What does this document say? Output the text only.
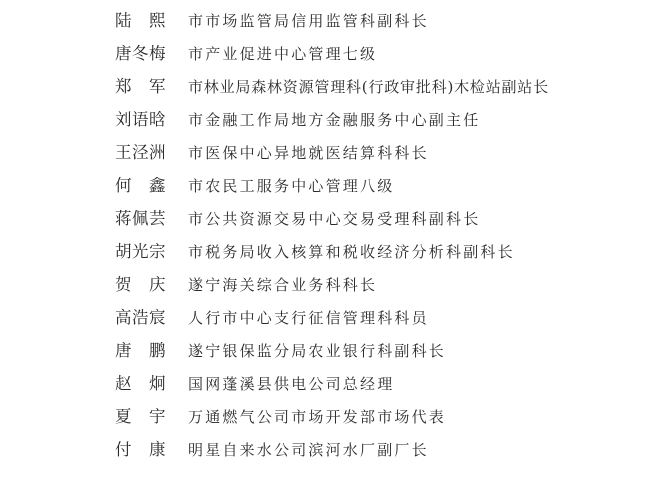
陆　熙 市市场监管局信用监管科副科长
唐冬梅 市产业促进中心管理七级
郑　军 市林业局森林资源管理科(行政审批科)木检站副站长
刘语晗 市金融工作局地方金融服务中心副主任
王泾洲 市医保中心异地就医结算科科长
何　鑫 市农民工服务中心管理八级
蒋佩芸 市公共资源交易中心交易受理科副科长
胡光宗 市税务局收入核算和税收经济分析科副科长
贺　庆 遂宁海关综合业务科科长
高浩宸 人行市中心支行征信管理科科员
唐　鹏 遂宁银保监分局农业银行科副科长
赵　炯 国网蓬溪县供电公司总经理
夏　宇 万通燃气公司市场开发部市场代表
付　康 明星自来水公司滨河水厂副厂长
